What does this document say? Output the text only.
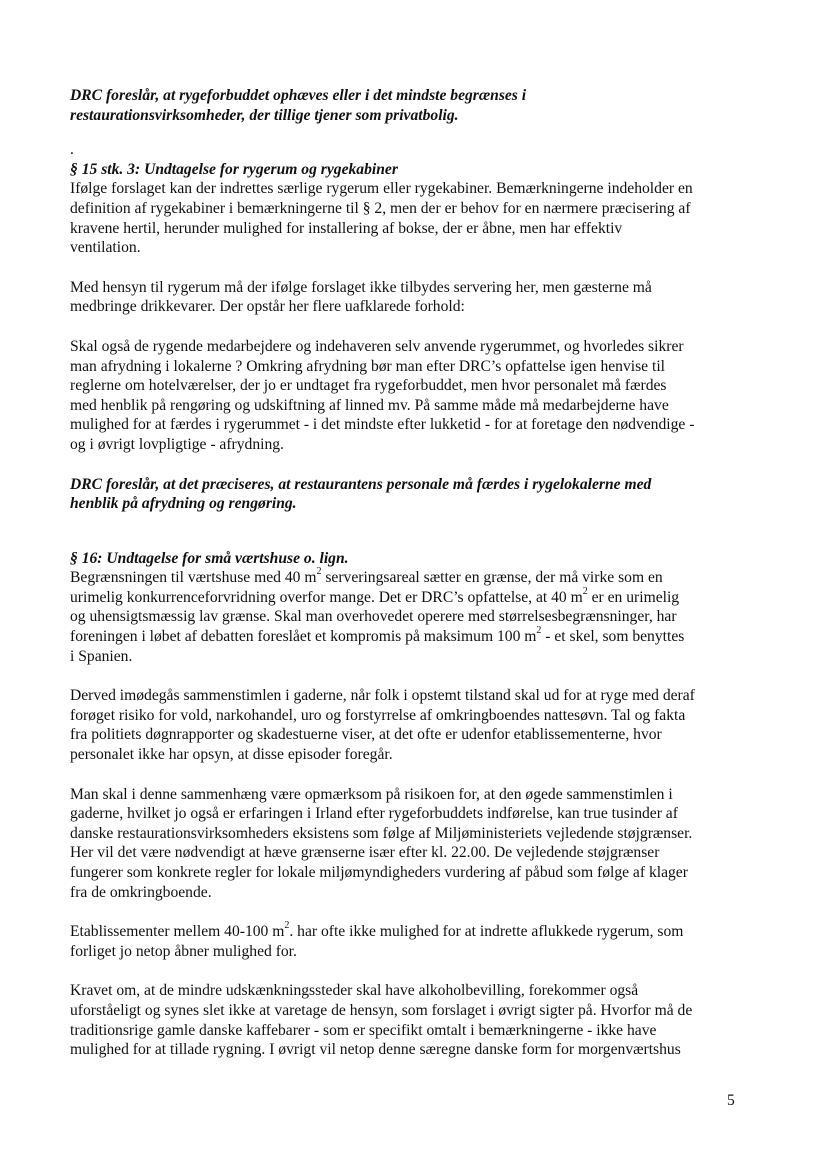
DRC foreslår, at rygeforbuddet ophæves eller i det mindste begrænses i
restaurationsvirksomheder, der tillige tjener som privatbolig.

.

§ 15 stk. 3: Undtagelse for rygerum og rygekabiner
Ifølge forslaget kan der indrettes særlige rygerum eller rygekabiner. Bemærkningerne indeholder en
definition af rygekabiner i bemærkningerne til § 2, men der er behov for en nærmere præcisering af
kravene hertil, herunder mulighed for installering af bokse, der er åbne, men har effektiv
ventilation.

Med hensyn til rygerum må der ifølge forslaget ikke tilbydes servering her, men gæsterne må
medbringe drikkevarer. Der opstår her flere uafklarede forhold:

Skal også de rygende medarbejdere og indehaveren selv anvende rygerummet, og hvorledes sikrer
man afrydning i lokalerne ? Omkring afrydning bør man efter DRC’s opfattelse igen henvise til
reglerne om hotelværelser, der jo er undtaget fra rygeforbuddet, men hvor personalet må færdes
med henblik på rengøring og udskiftning af linned mv. På samme måde må medarbejderne have
mulighed for at færdes i rygerummet - i det mindste efter lukketid - for at foretage den nødvendige -
og i øvrigt lovpligtige - afrydning.

DRC foreslår, at det præciseres, at restaurantens personale må færdes i rygelokalerne med
henblik på afrydning og rengøring.

§ 16: Undtagelse for små værtshuse o. lign.
Begrænsningen til værtshuse med 40 $m^2$ serveringsareal sætter en grænse, der må virke som en
urimelig konkurrenceforvridning overfor mange. Det er DRC’s opfattelse, at 40 $m^2$ er en urimelig
og uhensigtsmæssig lav grænse. Skal man overhovedet operere med størrelsesbegrænsninger, har
foreningen i løbet af debatten foreslået et kompromis på maksimum 100 $m^2$ - et skel, som benyttes
i Spanien.

Derved imødegås sammenstimlen i gaderne, når folk i opstemt tilstand skal ud for at ryge med deraf
forøget risiko for vold, narkohandel, uro og forstyrrelse af omkringboendes nattesøvn. Tal og fakta
fra politiets døgnrapporter og skadestuerne viser, at det ofte er udenfor etablissementerne, hvor
personalet ikke har opsyn, at disse episoder foregår.

Man skal i denne sammenhæng være opmærksom på risikoen for, at den øgede sammenstimlen i
gaderne, hvilket jo også er erfaringen i Irland efter rygeforbuddets indførelse, kan true tusinder af
danske restaurationsvirksomheders eksistens som følge af Miljøministeriets vejledende støjgrænser.
Her vil det være nødvendigt at hæve grænserne især efter kl. 22.00. De vejledende støjgrænser
fungerer som konkrete regler for lokale miljømyndigheders vurdering af påbud som følge af klager
fra de omkringboende.

Etablissementer mellem 40-100 $m^2$. har ofte ikke mulighed for at indrette aflukkede rygerum, som
forliget jo netop åbner mulighed for.

Kravet om, at de mindre udskænkningssteder skal have alkoholbevilling, forekommer også
uforståeligt og synes slet ikke at varetage de hensyn, som forslaget i øvrigt sigter på. Hvorfor må de
traditionsrige gamle danske kaffebarer - som er specifikt omtalt i bemærkningerne - ikke have
mulighed for at tillade rygning. I øvrigt vil netop denne særegne danske form for morgenværtshus

5
